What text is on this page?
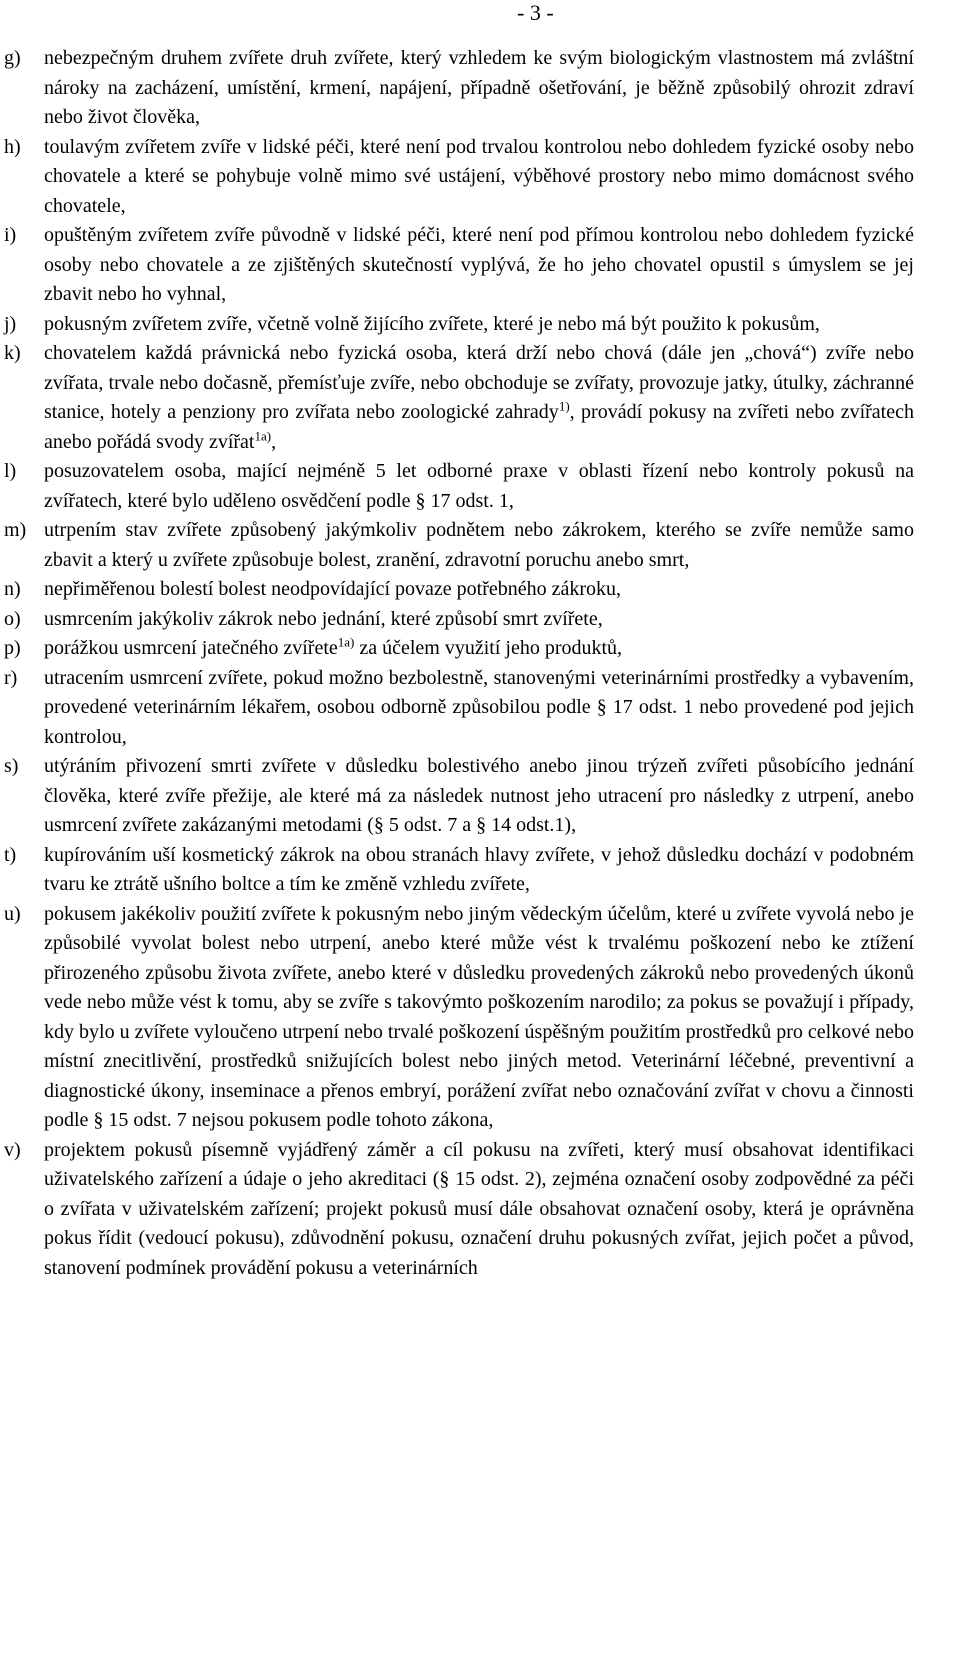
- 3 -
g) nebezpečným druhem zvířete druh zvířete, který vzhledem ke svým biologickým vlastnostem má zvláštní nároky na zacházení, umístění, krmení, napájení, případně ošetřování, je běžně způsobilý ohrozit zdraví nebo život člověka,
h) toulavým zvířetem zvíře v lidské péči, které není pod trvalou kontrolou nebo dohledem fyzické osoby nebo chovatele a které se pohybuje volně mimo své ustájení, výběhové prostory nebo mimo domácnost svého chovatele,
i) opuštěným zvířetem zvíře původně v lidské péči, které není pod přímou kontrolou nebo dohledem fyzické osoby nebo chovatele a ze zjištěných skutečností vyplývá, že ho jeho chovatel opustil s úmyslem se jej zbavit nebo ho vyhnal,
j) pokusným zvířetem zvíře, včetně volně žijícího zvířete, které je nebo má být použito k pokusům,
k) chovatelem každá právnická nebo fyzická osoba, která drží nebo chová (dále jen „chová“) zvíře nebo zvířata, trvale nebo dočasně, přemísťuje zvíře, nebo obchoduje se zvířaty, provozuje jatky, útulky, záchranné stanice, hotely a penziony pro zvířata nebo zoologické zahrady$^{1)}$, provádí pokusy na zvířeti nebo zvířatech anebo pořádá svody zvířat$^{1a)}$,
l) posuzovatelem osoba, mající nejméně 5 let odborné praxe v oblasti řízení nebo kontroly pokusů na zvířatech, které bylo uděleno osvědčení podle § 17 odst. 1,
m) utrpením stav zvířete způsobený jakýmkoliv podnětem nebo zákrokem, kterého se zvíře nemůže samo zbavit a který u zvířete způsobuje bolest, zranění, zdravotní poruchu anebo smrt,
n) nepřiměřenou bolestí bolest neodpovídající povaze potřebného zákroku,
o) usmrcením jakýkoliv zákrok nebo jednání, které způsobí smrt zvířete,
p) porážkou usmrcení jatečného zvířete$^{1a)}$ za účelem využití jeho produktů,
r) utracením usmrcení zvířete, pokud možno bezbolestně, stanovenými veterinárními prostředky a vybavením, provedené veterinárním lékařem, osobou odborně způsobilou podle § 17 odst. 1 nebo provedené pod jejich kontrolou,
s) utýráním přivození smrti zvířete v důsledku bolestivého anebo jinou trýzeň zvířeti působícího jednání člověka, které zvíře přežije, ale které má za následek nutnost jeho utracení pro následky z utrpení, anebo usmrcení zvířete zakázanými metodami (§ 5 odst. 7 a § 14 odst.1),
t) kupírováním uší kosmetický zákrok na obou stranách hlavy zvířete, v jehož důsledku dochází v podobném tvaru ke ztrátě ušního boltce a tím ke změně vzhledu zvířete,
u) pokusem jakékoliv použití zvířete k pokusným nebo jiným vědeckým účelům, které u zvířete vyvolá nebo je způsobilé vyvolat bolest nebo utrpení, anebo které může vést k trvalému poškození nebo ke ztížení přirozeného způsobu života zvířete, anebo které v důsledku provedených zákroků nebo provedených úkonů vede nebo může vést k tomu, aby se zvíře s takovýmto poškozením narodilo; za pokus se považují i případy, kdy bylo u zvířete vyloučeno utrpení nebo trvalé poškození úspěšným použitím prostředků pro celkové nebo místní znecitlivění, prostředků snižujících bolest nebo jiných metod. Veterinární léčebné, preventivní a diagnostické úkony, inseminace a přenos embryí, porážení zvířat nebo označování zvířat v chovu a činnosti podle § 15 odst. 7 nejsou pokusem podle tohoto zákona,
v) projektem pokusů písemně vyjádřený záměr a cíl pokusu na zvířeti, který musí obsahovat identifikaci uživatelského zařízení a údaje o jeho akreditaci (§ 15 odst. 2), zejména označení osoby zodpovědné za péči o zvířata v uživatelském zařízení; projekt pokusů musí dále obsahovat označení osoby, která je oprávněna pokus řídit (vedoucí pokusu), zdůvodnění pokusu, označení druhu pokusných zvířat, jejich počet a původ, stanovení podmínek provádění pokusu a veterinárních
